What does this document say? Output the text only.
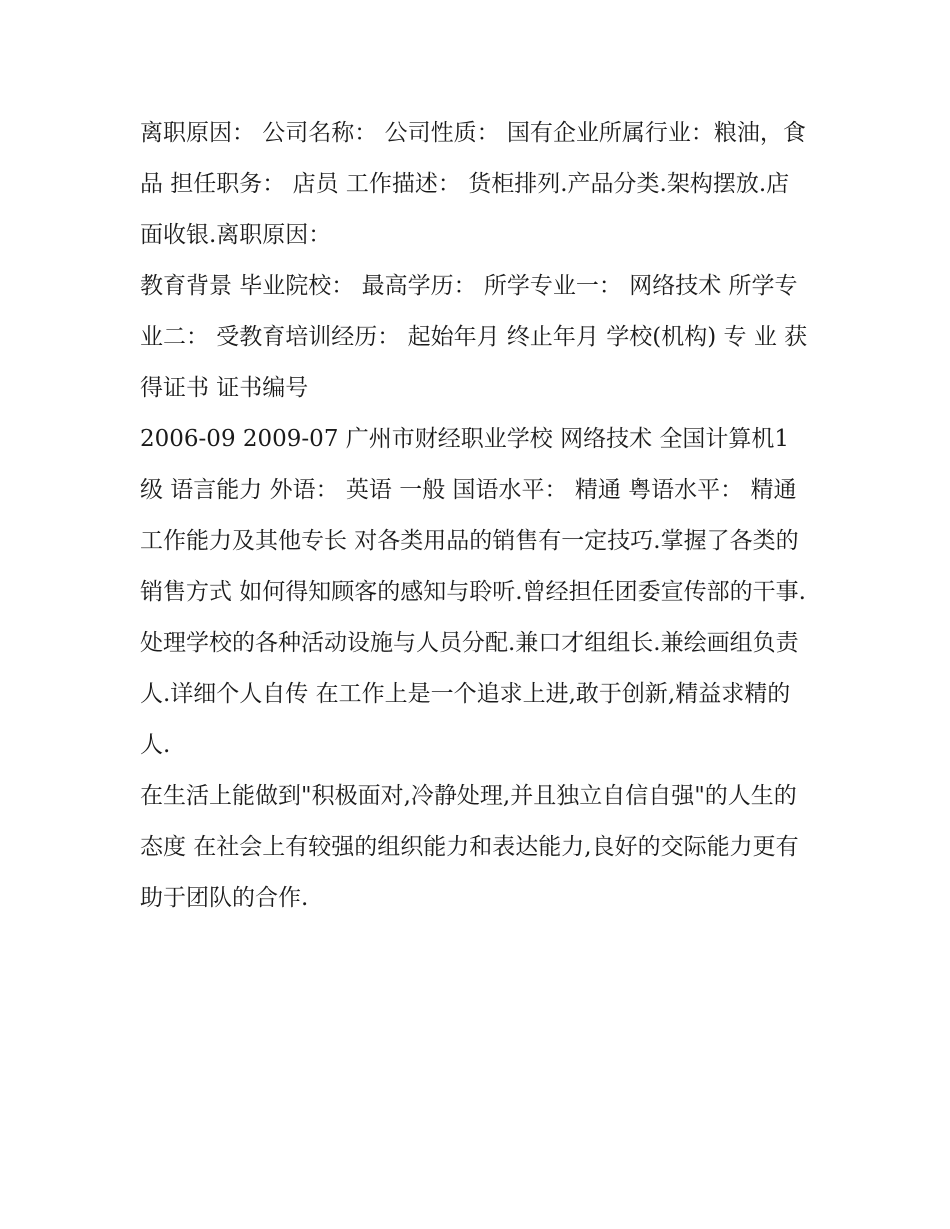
离职原因： 公司名称： 公司性质： 国有企业所属行业：粮油，食品 担任职务： 店员 工作描述： 货柜排列.产品分类.架构摆放.店面收银.离职原因：

教育背景 毕业院校： 最高学历： 所学专业一： 网络技术 所学专业二： 受教育培训经历： 起始年月 终止年月 学校(机构) 专 业 获得证书 证书编号

2006-09 2009-07 广州市财经职业学校 网络技术 全国计算机1级 语言能力 外语： 英语 一般 国语水平： 精通 粤语水平： 精通

工作能力及其他专长 对各类用品的销售有一定技巧.掌握了各类的销售方式 如何得知顾客的感知与聆听.曾经担任团委宣传部的干事.

处理学校的各种活动设施与人员分配.兼口才组组长.兼绘画组负责人.详细个人自传 在工作上是一个追求上进,敢于创新,精益求精的人.

在生活上能做到"积极面对,冷静处理,并且独立自信自强"的人生的态度 在社会上有较强的组织能力和表达能力,良好的交际能力更有助于团队的合作.
